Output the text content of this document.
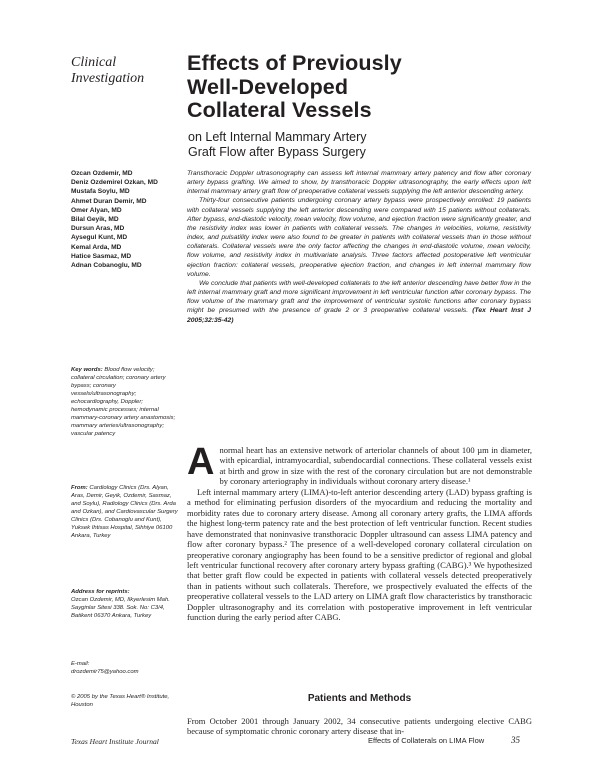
Clinical
Investigation
Effects of Previously
Well-Developed
Collateral Vessels
on Left Internal Mammary Artery
Graft Flow after Bypass Surgery
Ozcan Ozdemir, MD
Deniz Ozdemirel Ozkan, MD
Mustafa Soylu, MD
Ahmet Duran Demir, MD
Omer Alyan, MD
Bilal Geyik, MD
Dursun Aras, MD
Aysegul Kunt, MD
Kemal Arda, MD
Hatice Sasmaz, MD
Adnan Cobanoglu, MD

Transthoracic Doppler ultrasonography can assess left internal mammary artery patency and flow after coronary artery bypass grafting. We aimed to show, by transthoracic Doppler ultrasonography, the early effects upon left internal mammary artery graft flow of preoperative collateral vessels supplying the left anterior descending artery.

Thirty-four consecutive patients undergoing coronary artery bypass were prospectively enrolled: 19 patients with collateral vessels supplying the left anterior descending were compared with 15 patients without collaterals. After bypass, end-diastolic velocity, mean velocity, flow volume, and ejection fraction were significantly greater, and the resistivity index was lower in patients with collateral vessels. The changes in velocities, volume, resistivity index, and pulsatility index were also found to be greater in patients with collateral vessels than in those without collaterals. Collateral vessels were the only factor affecting the changes in end-diastolic volume, mean velocity, flow volume, and resistivity index in multivariate analysis. Three factors affected postoperative left ventricular ejection fraction: collateral vessels, preoperative ejection fraction, and changes in left internal mammary flow volume.

We conclude that patients with well-developed collaterals to the left anterior descending have better flow in the left internal mammary graft and more significant improvement in left ventricular function after coronary bypass. The flow volume of the mammary graft and the improvement of ventricular systolic functions after coronary bypass might be presumed with the presence of grade 2 or 3 preoperative collateral vessels. (Tex Heart Inst J 2005;32:35-42)

Key words: Blood flow velocity; collateral circulation; coronary artery bypass; coronary vessels/ultrasonography; echocardiography, Doppler; hemodynamic processes; internal mammary-coronary artery anastomosis; mammary arteries/ultrasonography; vascular patency
From: Cardiology Clinics (Drs. Alyan, Aras, Demir, Geyik, Ozdemir, Sasmaz, and Soylu), Radiology Clinics (Drs. Arda and Ozkan), and Cardiovascular Surgery Clinics (Drs. Cobanoglu and Kunt), Yuksek Ihtisas Hospital, Sihhiye 06100 Ankara, Turkey
Address for reprints:
Ozcan Ozdemir, MD, Ilkyerlesim Mah. Sayginlar Sitesi 338. Sok. No: C3/4, Batikent 06370 Ankara, Turkey
E-mail:
drozdemir75@yahoo.com
© 2005 by the Texas Heart® Institute, Houston

Anormal heart has an extensive network of arteriolar channels of about 100 µm in diameter, with epicardial, intramyocardial, subendocardial connections. These collateral vessels exist at birth and grow in size with the rest of the coronary circulation but are not demonstrable by coronary arteriography in individuals without coronary artery disease.¹

Left internal mammary artery (LIMA)-to-left anterior descending artery (LAD) bypass grafting is a method for eliminating perfusion disorders of the myocardium and reducing the mortality and morbidity rates due to coronary artery disease. Among all coronary artery grafts, the LIMA affords the highest long-term patency rate and the best protection of left ventricular function. Recent studies have demonstrated that noninvasive transthoracic Doppler ultrasound can assess LIMA patency and flow after coronary bypass.² The presence of a well-developed coronary collateral circulation on preoperative coronary angiography has been found to be a sensitive predictor of regional and global left ventricular functional recovery after coronary artery bypass grafting (CABG).³ We hypothesized that better graft flow could be expected in patients with collateral vessels detected preoperatively than in patients without such collaterals. Therefore, we prospectively evaluated the effects of the preoperative collateral vessels to the LAD artery on LIMA graft flow characteristics by transthoracic Doppler ultrasonography and its correlation with postoperative improvement in left ventricular function during the early period after CABG.

Patients and Methods

From October 2001 through January 2002, 34 consecutive patients undergoing elective CABG because of symptomatic chronic coronary artery disease that in-

Texas Heart Institute Journal	Effects of Collaterals on LIMA Flow	35
